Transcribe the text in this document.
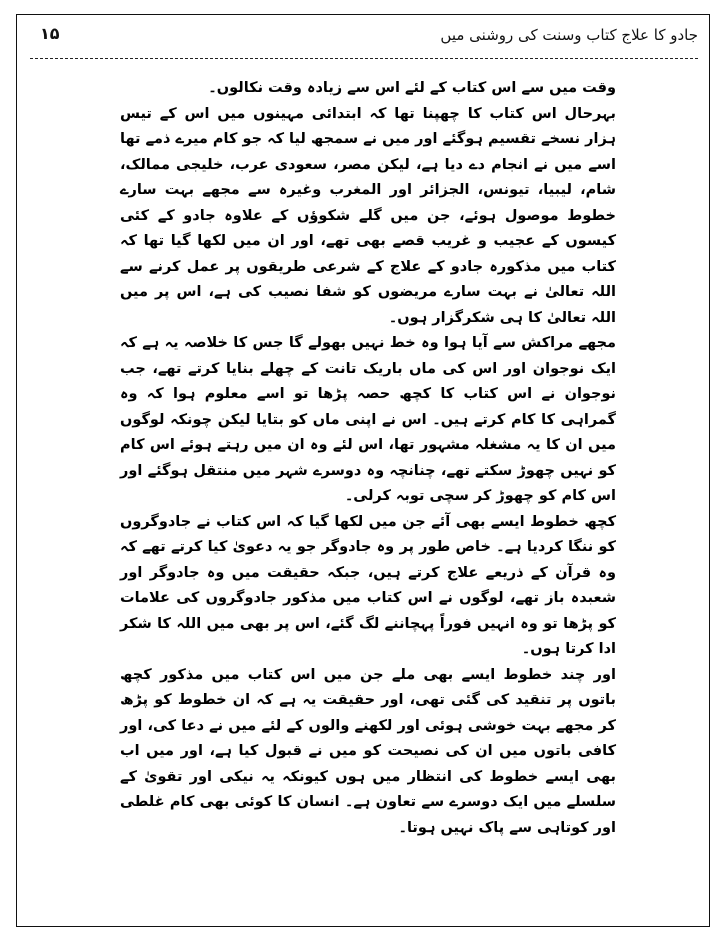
جادو کا علاج کتاب وسنت کی روشنی میں
۱۵

وقت میں سے اس کتاب کے لئے اس سے زیادہ وقت نکالوں۔

بہرحال اس کتاب کا چھپنا تھا کہ ابتدائی مہینوں میں اس کے تیس ہزار نسخے تقسیم ہوگئے اور میں نے سمجھ لیا کہ جو کام میرے ذمے تھا اسے میں نے انجام دے دیا ہے، لیکن مصر، سعودی عرب، خلیجی ممالک، شام، لیبیا، تیونس، الجزائر اور المغرب وغیرہ سے مجھے بہت سارے خطوط موصول ہوئے، جن میں گلے شکوؤں کے علاوہ جادو کے کئی کیسوں کے عجیب و غریب قصے بھی تھے، اور ان میں لکھا گیا تھا کہ کتاب میں مذکورہ جادو کے علاج کے شرعی طریقوں پر عمل کرنے سے اللہ تعالیٰ نے بہت سارے مریضوں کو شفا نصیب کی ہے، اس پر میں اللہ تعالیٰ کا ہی شکرگزار ہوں۔

مجھے مراکش سے آیا ہوا وہ خط نہیں بھولے گا جس کا خلاصہ یہ ہے کہ ایک نوجوان اور اس کی ماں باریک تانت کے چھلے بنایا کرتے تھے، جب نوجوان نے اس کتاب کا کچھ حصہ پڑھا تو اسے معلوم ہوا کہ وہ گمراہی کا کام کرتے ہیں۔ اس نے اپنی ماں کو بتایا لیکن چونکہ لوگوں میں ان کا یہ مشغلہ مشہور تھا، اس لئے وہ ان میں رہتے ہوئے اس کام کو نہیں چھوڑ سکتے تھے، چنانچہ وہ دوسرے شہر میں منتقل ہوگئے اور اس کام کو چھوڑ کر سچی توبہ کرلی۔

کچھ خطوط ایسے بھی آئے جن میں لکھا گیا کہ اس کتاب نے جادوگروں کو ننگا کردیا ہے۔ خاص طور پر وہ جادوگر جو یہ دعویٰ کیا کرتے تھے کہ وہ قرآن کے ذریعے علاج کرتے ہیں، جبکہ حقیقت میں وہ جادوگر اور شعبدہ باز تھے، لوگوں نے اس کتاب میں مذکور جادوگروں کی علامات کو پڑھا تو وہ انہیں فوراً پہچاننے لگ گئے، اس پر بھی میں اللہ کا شکر ادا کرتا ہوں۔

اور چند خطوط ایسے بھی ملے جن میں اس کتاب میں مذکور کچھ باتوں پر تنقید کی گئی تھی، اور حقیقت یہ ہے کہ ان خطوط کو پڑھ کر مجھے بہت خوشی ہوئی اور لکھنے والوں کے لئے میں نے دعا کی، اور کافی باتوں میں ان کی نصیحت کو میں نے قبول کیا ہے، اور میں اب بھی ایسے خطوط کی انتظار میں ہوں کیونکہ یہ نیکی اور تقویٰ کے سلسلے میں ایک دوسرے سے تعاون ہے۔ انسان کا کوئی بھی کام غلطی اور کوتاہی سے پاک نہیں ہوتا۔
